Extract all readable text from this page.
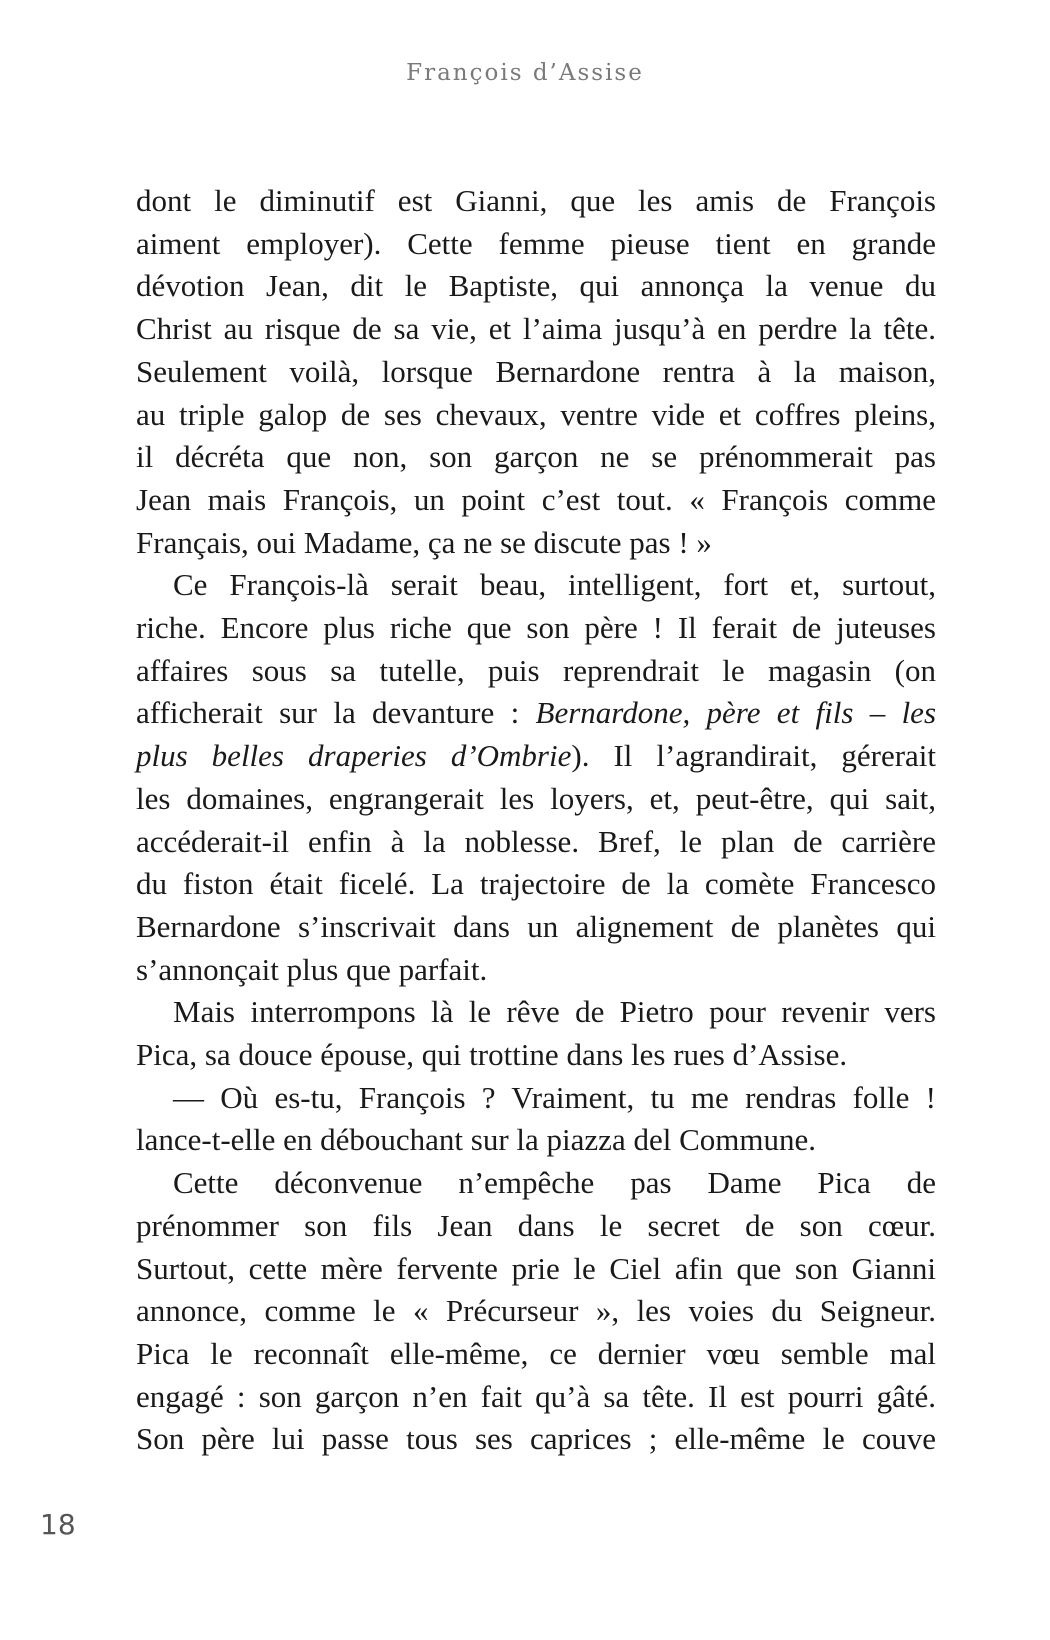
François d’Assise
dont le diminutif est Gianni, que les amis de François
aiment employer). Cette femme pieuse tient en grande
dévotion Jean, dit le Baptiste, qui annonça la venue du
Christ au risque de sa vie, et l’aima jusqu’à en perdre la tête.
Seulement voilà, lorsque Bernardone rentra à la maison,
au triple galop de ses chevaux, ventre vide et coffres pleins,
il décréta que non, son garçon ne se prénommerait pas
Jean mais François, un point c’est tout. « François comme
Français, oui Madame, ça ne se discute pas ! »
Ce François-là serait beau, intelligent, fort et, surtout,
riche. Encore plus riche que son père ! Il ferait de juteuses
affaires sous sa tutelle, puis reprendrait le magasin (on
afficherait sur la devanture : Bernardone, père et fils – les
plus belles draperies d’Ombrie). Il l’agrandirait, gérerait
les domaines, engrangerait les loyers, et, peut-être, qui sait,
accéderait-il enfin à la noblesse. Bref, le plan de carrière
du fiston était ficelé. La trajectoire de la comète Francesco
Bernardone s’inscrivait dans un alignement de planètes qui
s’annonçait plus que parfait.
Mais interrompons là le rêve de Pietro pour revenir vers
Pica, sa douce épouse, qui trottine dans les rues d’Assise.
— Où es-tu, François ? Vraiment, tu me rendras folle !
lance-t-elle en débouchant sur la piazza del Commune.
Cette déconvenue n’empêche pas Dame Pica de
prénommer son fils Jean dans le secret de son cœur.
Surtout, cette mère fervente prie le Ciel afin que son Gianni
annonce, comme le « Précurseur », les voies du Seigneur.
Pica le reconnaît elle-même, ce dernier vœu semble mal
engagé : son garçon n’en fait qu’à sa tête. Il est pourri gâté.
Son père lui passe tous ses caprices ; elle-même le couve
18
